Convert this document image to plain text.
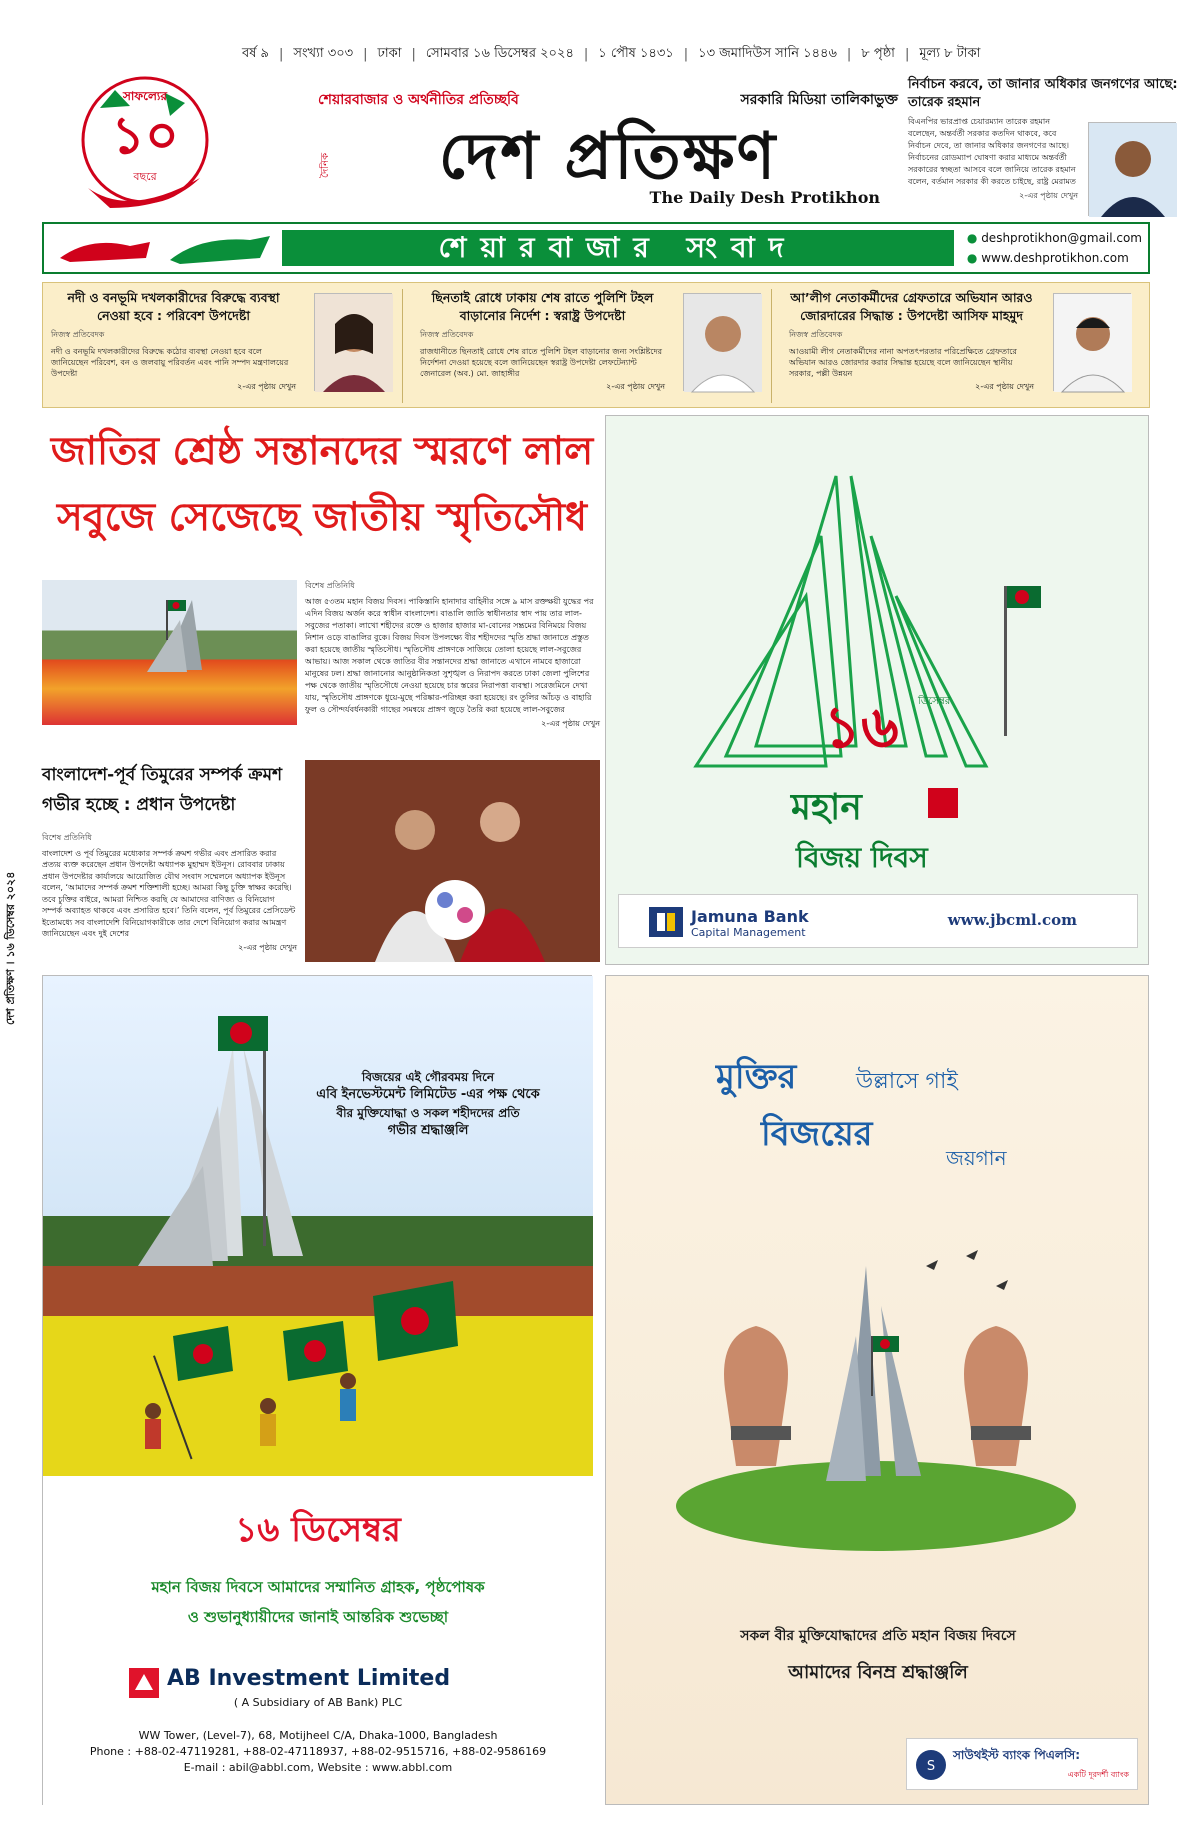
বর্ষ ৯ | সংখ্যা ৩০৩ | ঢাকা | সোমবার ১৬ ডিসেম্বর ২০২৪ | ১ পৌষ ১৪৩১ | ১৩ জমাদিউস সানি ১৪৪৬ | ৮ পৃষ্ঠা | মূল্য ৮ টাকা
সাফল্যের
১০
বছরে
শেয়ারবাজার ও অর্থনীতির প্রতিচ্ছবি	সরকারি মিডিয়া তালিকাভুক্ত
দৈনিক	দেশ প্রতিক্ষণ
The Daily Desh Protikhon
নির্বাচন করবে, তা জানার অধিকার জনগণের আছে: তারেক রহমান
বিএনপির ভারপ্রাপ্ত চেয়ারম্যান তারেক রহমান বলেছেন, অন্তর্বর্তী সরকার কতদিন থাকবে, কবে নির্বাচন দেবে, তা জানার অধিকার জনগণের আছে। নির্বাচনের রোডম্যাপ ঘোষণা করার মাধ্যমে অন্তর্বর্তী সরকারের স্বচ্ছতা আসবে বলে জানিয়ে তারেক রহমান বলেন, বর্তমান সরকার কী করতে চাইছে, রাষ্ট্র মেরামত
২-এর পৃষ্ঠায় দেখুন
শেয়ারবাজার সংবাদ	● deshprotikhon@gmail.com
● www.deshprotikhon.com
নদী ও বনভূমি দখলকারীদের বিরুদ্ধে ব্যবস্থা নেওয়া হবে : পরিবেশ উপদেষ্টা
নিজস্ব প্রতিবেদক
নদী ও বনভূমি দখলকারীদের বিরুদ্ধে কঠোর ব্যবস্থা নেওয়া হবে বলে জানিয়েছেন পরিবেশ, বন ও জলবায়ু পরিবর্তন এবং পানি সম্পদ মন্ত্রণালয়ের উপদেষ্টা
২-এর পৃষ্ঠায় দেখুন
ছিনতাই রোধে ঢাকায় শেষ রাতে পুলিশি টহল বাড়ানোর নির্দেশ : স্বরাষ্ট্র উপদেষ্টা
নিজস্ব প্রতিবেদক
রাজধানীতে ছিনতাই রোধে শেষ রাতে পুলিশি টহল বাড়ানোর জন্য সংশ্লিষ্টদের নির্দেশনা দেওয়া হয়েছে বলে জানিয়েছেন স্বরাষ্ট্র উপদেষ্টা লেফটেন্যান্ট জেনারেল (অব.) মো. জাহাঙ্গীর
২-এর পৃষ্ঠায় দেখুন
আ’লীগ নেতাকর্মীদের গ্রেফতারে অভিযান আরও জোরদারের সিদ্ধান্ত : উপদেষ্টা আসিফ মাহমুদ
নিজস্ব প্রতিবেদক
আওয়ামী লীগ নেতাকর্মীদের নানা অপতৎপরতার পরিপ্রেক্ষিতে গ্রেফতারে অভিযান আরও জোরদার করার সিদ্ধান্ত হয়েছে বলে জানিয়েছেন স্থানীয় সরকার, পল্লী উন্নয়ন
২-এর পৃষ্ঠায় দেখুন
জাতির শ্রেষ্ঠ সন্তানদের স্মরণে লাল সবুজে সেজেছে জাতীয় স্মৃতিসৌধ
বিশেষ প্রতিনিধি
আজ ৫৩তম মহান বিজয় দিবস। পাকিস্তানি হানাদার বাহিনীর সঙ্গে ৯ মাস রক্তক্ষয়ী যুদ্ধের পর এদিন বিজয় অর্জন করে স্বাধীন বাংলাদেশ। বাঙালি জাতি স্বাধীনতার স্বাদ পায় তার লাল-সবুজের পতাকা। লাখো শহীদের রক্তে ও হাজার হাজার মা-বোনের সম্ভ্রমের বিনিময়ে বিজয় নিশান ওড়ে বাঙালির বুকে। বিজয় দিবস উপলক্ষ্যে বীর শহীদদের স্মৃতি শ্রদ্ধা জানাতে প্রস্তুত করা হয়েছে জাতীয় স্মৃতিসৌধ। স্মৃতিসৌধ প্রাঙ্গণকে সাজিয়ে তোলা হয়েছে লাল-সবুজের আভায়। আজ সকাল থেকে জাতির বীর সন্তানদের শ্রদ্ধা জানাতে এখানে নামবে হাজারো মানুষের ঢল। শ্রদ্ধা জানানোর আনুষ্ঠানিকতা সুশৃঙ্খল ও নিরাপদ করতে ঢাকা জেলা পুলিশের পক্ষ থেকে জাতীয় স্মৃতিসৌধে নেওয়া হয়েছে চার স্তরের নিরাপত্তা ব্যবস্থা। সরেজমিনে দেখা যায়, স্মৃতিসৌধ প্রাঙ্গণকে ধুয়ে-মুছে পরিষ্কার-পরিচ্ছন্ন করা হয়েছে। রং তুলির আঁচড় ও বাহারি ফুল ও সৌন্দর্যবর্ধনকারী গাছের সমন্বয়ে প্রাঙ্গণ জুড়ে তৈরি করা হয়েছে লাল-সবুজের
২-এর পৃষ্ঠায় দেখুন
বাংলাদেশ-পূর্ব তিমুরের সম্পর্ক ক্রমশ গভীর হচ্ছে : প্রধান উপদেষ্টা
বিশেষ প্রতিনিধি
বাংলাদেশ ও পূর্ব তিমুরের মধ্যেকার সম্পর্ক ক্রমশ গভীর এবং প্রসারিত করার প্রত্যয় ব্যক্ত করেছেন প্রধান উপদেষ্টা অধ্যাপক মুহাম্মদ ইউনূস। রোববার ঢাকায় প্রধান উপদেষ্টার কার্যালয়ে আয়োজিত যৌথ সংবাদ সম্মেলনে অধ্যাপক ইউনূস বলেন, ‘আমাদের সম্পর্ক ক্রমশ শক্তিশালী হচ্ছে। আমরা কিছু চুক্তি স্বাক্ষর করেছি। তবে চুক্তির বাইরে, আমরা নিশ্চিত করছি যে আমাদের বাণিজ্য ও বিনিয়োগ সম্পর্ক অব্যাহত থাকবে এবং প্রসারিত হবে।’ তিনি বলেন, পূর্ব তিমুরের প্রেসিডেন্ট ইতোমধ্যে সব বাংলাদেশি বিনিয়োগকারীকে তার দেশে বিনিয়োগ করার আমন্ত্রণ জানিয়েছেন এবং দুই দেশের
২-এর পৃষ্ঠায় দেখুন
দেশ প্রতিক্ষণ । ১৬ ডিসেম্বর ২০২৪
১৬	ডিসেম্বর
মহান
বিজয় দিবস
Jamuna Bank
Capital Management
www.jbcml.com
বিজয়ের এই গৌরবময় দিনে
এবি ইনভেস্টমেন্ট লিমিটেড -এর পক্ষ থেকে
বীর মুক্তিযোদ্ধা ও সকল শহীদদের প্রতি
গভীর শ্রদ্ধাঞ্জলি
১৬ ডিসেম্বর
মহান বিজয় দিবসে আমাদের সম্মানিত গ্রাহক, পৃষ্ঠপোষক
ও শুভানুধ্যায়ীদের জানাই আন্তরিক শুভেচ্ছা
AB Investment Limited
( A Subsidiary of AB Bank) PLC
WW Tower, (Level-7), 68, Motijheel C/A, Dhaka-1000, Bangladesh
Phone : +88-02-47119281, +88-02-47118937, +88-02-9515716, +88-02-9586169
E-mail : abil@abbl.com, Website : www.abbl.com
মুক্তির	উল্লাসে গাই
বিজয়ের
জয়গান
সকল বীর মুক্তিযোদ্ধাদের প্রতি মহান বিজয় দিবসে
আমাদের বিনম্র শ্রদ্ধাঞ্জলি
S
সাউথইস্ট ব্যাংক পিএলসি:
একটি দূরদর্শী ব্যাংক
